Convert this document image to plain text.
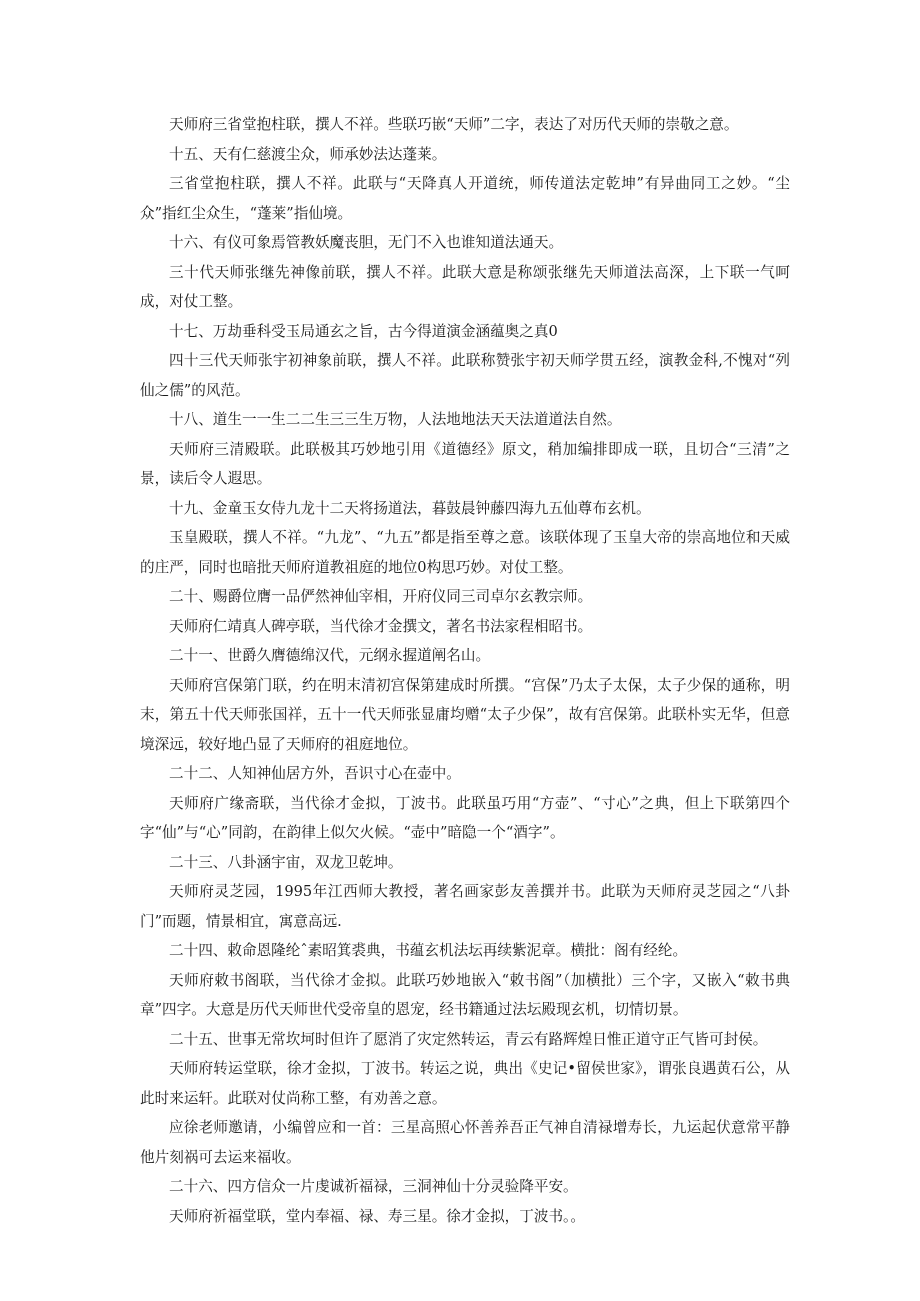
天师府三省堂抱柱联，撰人不祥。些联巧嵌“天师”二字，表达了对历代天师的崇敬之意。

十五、天有仁慈渡尘众，师承妙法达蓬莱。

三省堂抱柱联，撰人不祥。此联与“天降真人开道统，师传道法定乾坤”有异曲同工之妙。“尘众”指红尘众生，“蓬莱”指仙境。

十六、有仪可象焉管教妖魔丧胆，无门不入也谁知道法通天。

三十代天师张继先神像前联，撰人不祥。此联大意是称颂张继先天师道法高深，上下联一气呵成，对仗工整。

十七、万劫垂科受玉局通玄之旨，古今得道演金涵蕴奥之真0

四十三代天师张宇初神象前联，撰人不祥。此联称赞张宇初天师学贯五经，演教金科,不愧对“列仙之儒”的风范。

十八、道生一一生二二生三三生万物，人法地地法天天法道道法自然。

天师府三清殿联。此联极其巧妙地引用《道德经》原文，稍加编排即成一联，且切合“三清”之景，读后令人遐思。

十九、金童玉女侍九龙十二天将扬道法，暮鼓晨钟藤四海九五仙尊布玄机。

玉皇殿联，撰人不祥。“九龙”、“九五”都是指至尊之意。该联体现了玉皇大帝的崇高地位和天威的庄严，同时也暗批天师府道教祖庭的地位0构思巧妙。对仗工整。

二十、赐爵位膺一品俨然神仙宰相，开府仪同三司卓尔玄教宗师。

天师府仁靖真人碑亭联，当代徐才金撰文，著名书法家程相昭书。

二十一、世爵久膺德绵汉代，元纲永握道阐名山。

天师府宫保第门联，约在明末清初宫保第建成时所撰。“宫保”乃太子太保，太子少保的通称，明末，第五十代天师张国祥，五十一代天师张显庸均赠“太子少保”，故有宫保第。此联朴实无华，但意境深远，较好地凸显了天师府的祖庭地位。

二十二、人知神仙居方外，吾识寸心在壶中。

天师府广缘斋联，当代徐才金拟，丁波书。此联虽巧用“方壶”、“寸心”之典，但上下联第四个字“仙”与“心”同韵，在韵律上似欠火候。“壶中”暗隐一个“酒字”。

二十三、八卦涵宇宙，双龙卫乾坤。

天师府灵芝园，1995年江西师大教授，著名画家彭友善撰并书。此联为天师府灵芝园之“八卦门”而题，情景相宜，寓意高远.

二十四、敕命恩隆纶ˆ素昭箕裘典，书蕴玄机法坛再续紫泥章。横批：阁有经纶。

天师府敕书阁联，当代徐才金拟。此联巧妙地嵌入“敕书阁”（加横批）三个字，又嵌入“敕书典章”四字。大意是历代天师世代受帝皇的恩宠，经书籍通过法坛殿现玄机，切情切景。

二十五、世事无常坎坷时但许了愿消了灾定然转运，青云有路辉煌日惟正道守正气皆可封侯。

天师府转运堂联，徐才金拟，丁波书。转运之说，典出《史记•留侯世家》，谓张良遇黄石公，从此时来运轩。此联对仗尚称工整，有劝善之意。

应徐老师邀请，小编曾应和一首：三星高照心怀善养吾正气神自清禄增寿长，九运起伏意常平静他片刻祸可去运来福收。

二十六、四方信众一片虔诚祈福禄，三洞神仙十分灵验降平安。

天师府祈福堂联，堂内奉福、禄、寿三星。徐才金拟，丁波书。。
